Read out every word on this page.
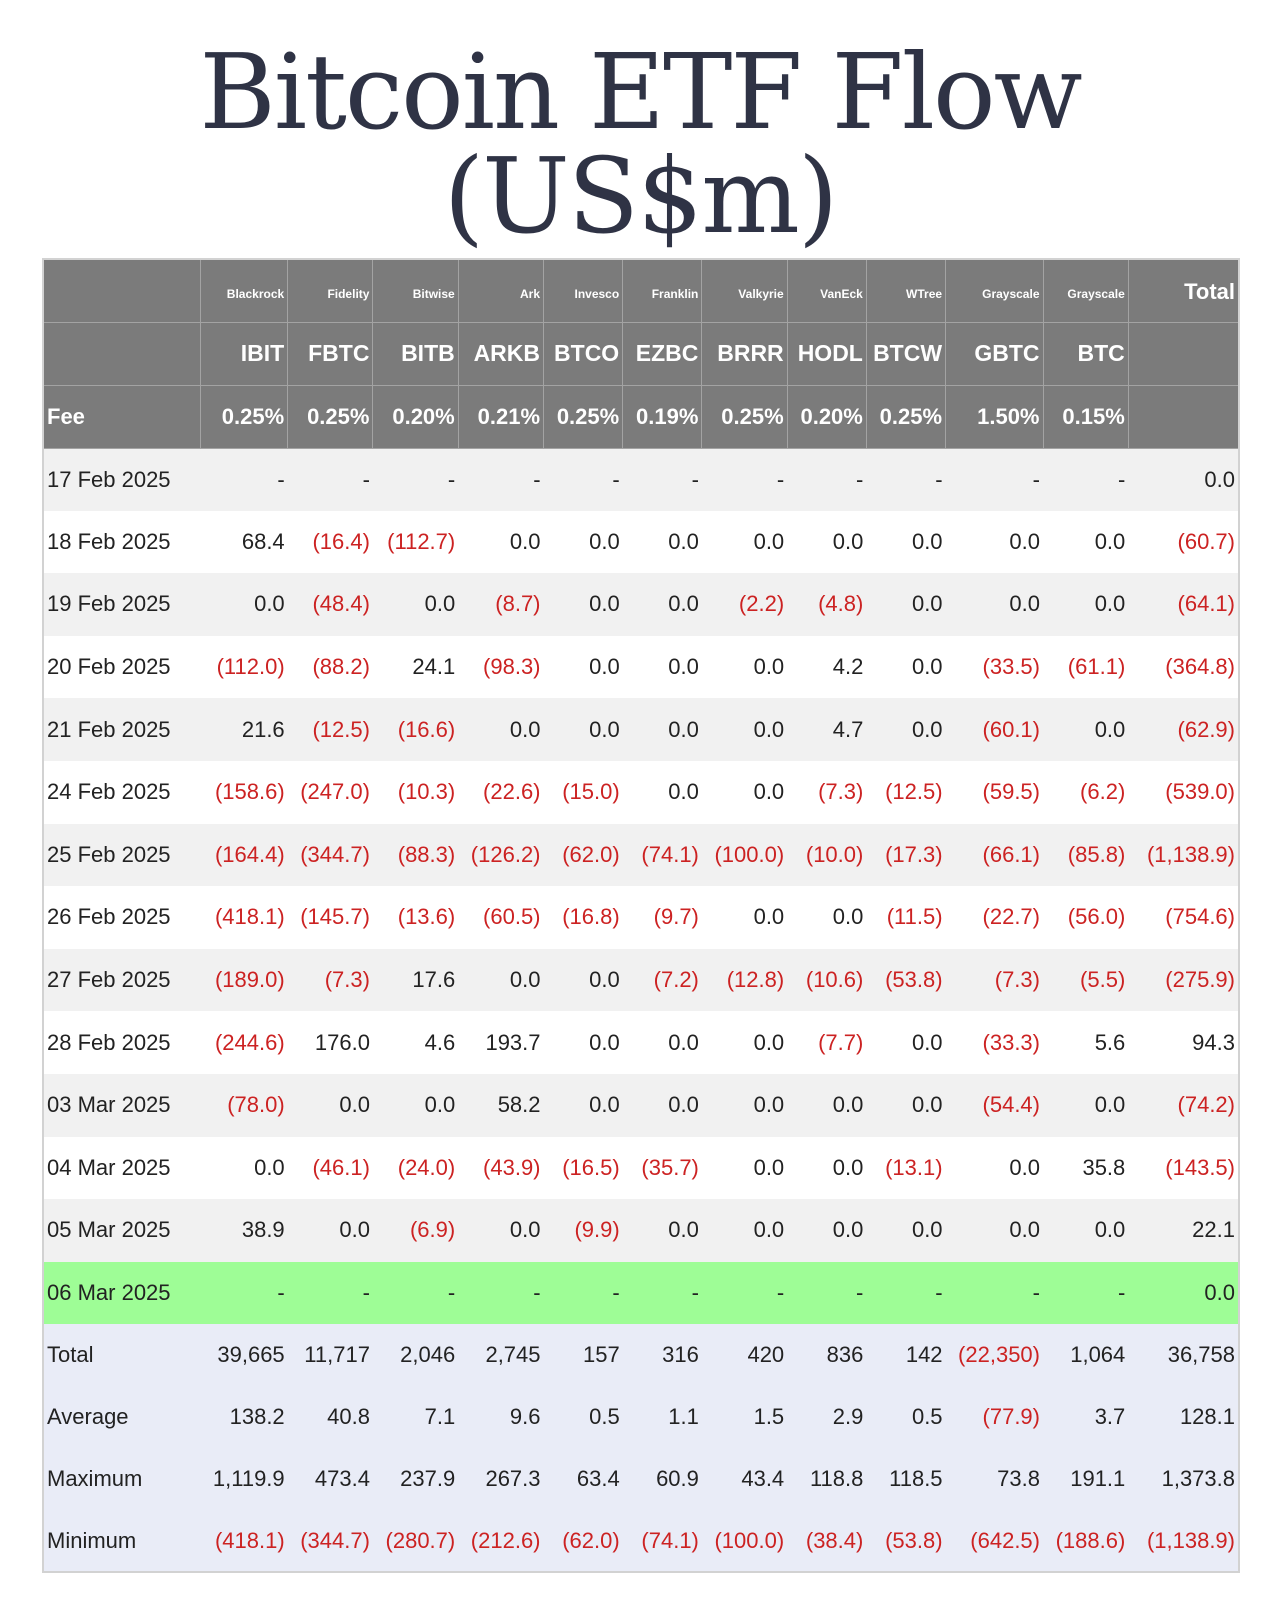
Bitcoin ETF Flow (US$m)
	Blackrock	Fidelity	Bitwise	Ark	Invesco	Franklin	Valkyrie	VanEck	WTree	Grayscale	Grayscale	Total
	IBIT	FBTC	BITB	ARKB	BTCO	EZBC	BRRR	HODL	BTCW	GBTC	BTC	
Fee	0.25%	0.25%	0.20%	0.21%	0.25%	0.19%	0.25%	0.20%	0.25%	1.50%	0.15%	
17 Feb 2025	-	-	-	-	-	-	-	-	-	-	-	0.0
18 Feb 2025	68.4	(16.4)	(112.7)	0.0	0.0	0.0	0.0	0.0	0.0	0.0	0.0	(60.7)
19 Feb 2025	0.0	(48.4)	0.0	(8.7)	0.0	0.0	(2.2)	(4.8)	0.0	0.0	0.0	(64.1)
20 Feb 2025	(112.0)	(88.2)	24.1	(98.3)	0.0	0.0	0.0	4.2	0.0	(33.5)	(61.1)	(364.8)
21 Feb 2025	21.6	(12.5)	(16.6)	0.0	0.0	0.0	0.0	4.7	0.0	(60.1)	0.0	(62.9)
24 Feb 2025	(158.6)	(247.0)	(10.3)	(22.6)	(15.0)	0.0	0.0	(7.3)	(12.5)	(59.5)	(6.2)	(539.0)
25 Feb 2025	(164.4)	(344.7)	(88.3)	(126.2)	(62.0)	(74.1)	(100.0)	(10.0)	(17.3)	(66.1)	(85.8)	(1,138.9)
26 Feb 2025	(418.1)	(145.7)	(13.6)	(60.5)	(16.8)	(9.7)	0.0	0.0	(11.5)	(22.7)	(56.0)	(754.6)
27 Feb 2025	(189.0)	(7.3)	17.6	0.0	0.0	(7.2)	(12.8)	(10.6)	(53.8)	(7.3)	(5.5)	(275.9)
28 Feb 2025	(244.6)	176.0	4.6	193.7	0.0	0.0	0.0	(7.7)	0.0	(33.3)	5.6	94.3
03 Mar 2025	(78.0)	0.0	0.0	58.2	0.0	0.0	0.0	0.0	0.0	(54.4)	0.0	(74.2)
04 Mar 2025	0.0	(46.1)	(24.0)	(43.9)	(16.5)	(35.7)	0.0	0.0	(13.1)	0.0	35.8	(143.5)
05 Mar 2025	38.9	0.0	(6.9)	0.0	(9.9)	0.0	0.0	0.0	0.0	0.0	0.0	22.1
06 Mar 2025	-	-	-	-	-	-	-	-	-	-	-	0.0
Total	39,665	11,717	2,046	2,745	157	316	420	836	142	(22,350)	1,064	36,758
Average	138.2	40.8	7.1	9.6	0.5	1.1	1.5	2.9	0.5	(77.9)	3.7	128.1
Maximum	1,119.9	473.4	237.9	267.3	63.4	60.9	43.4	118.8	118.5	73.8	191.1	1,373.8
Minimum	(418.1)	(344.7)	(280.7)	(212.6)	(62.0)	(74.1)	(100.0)	(38.4)	(53.8)	(642.5)	(188.6)	(1,138.9)
